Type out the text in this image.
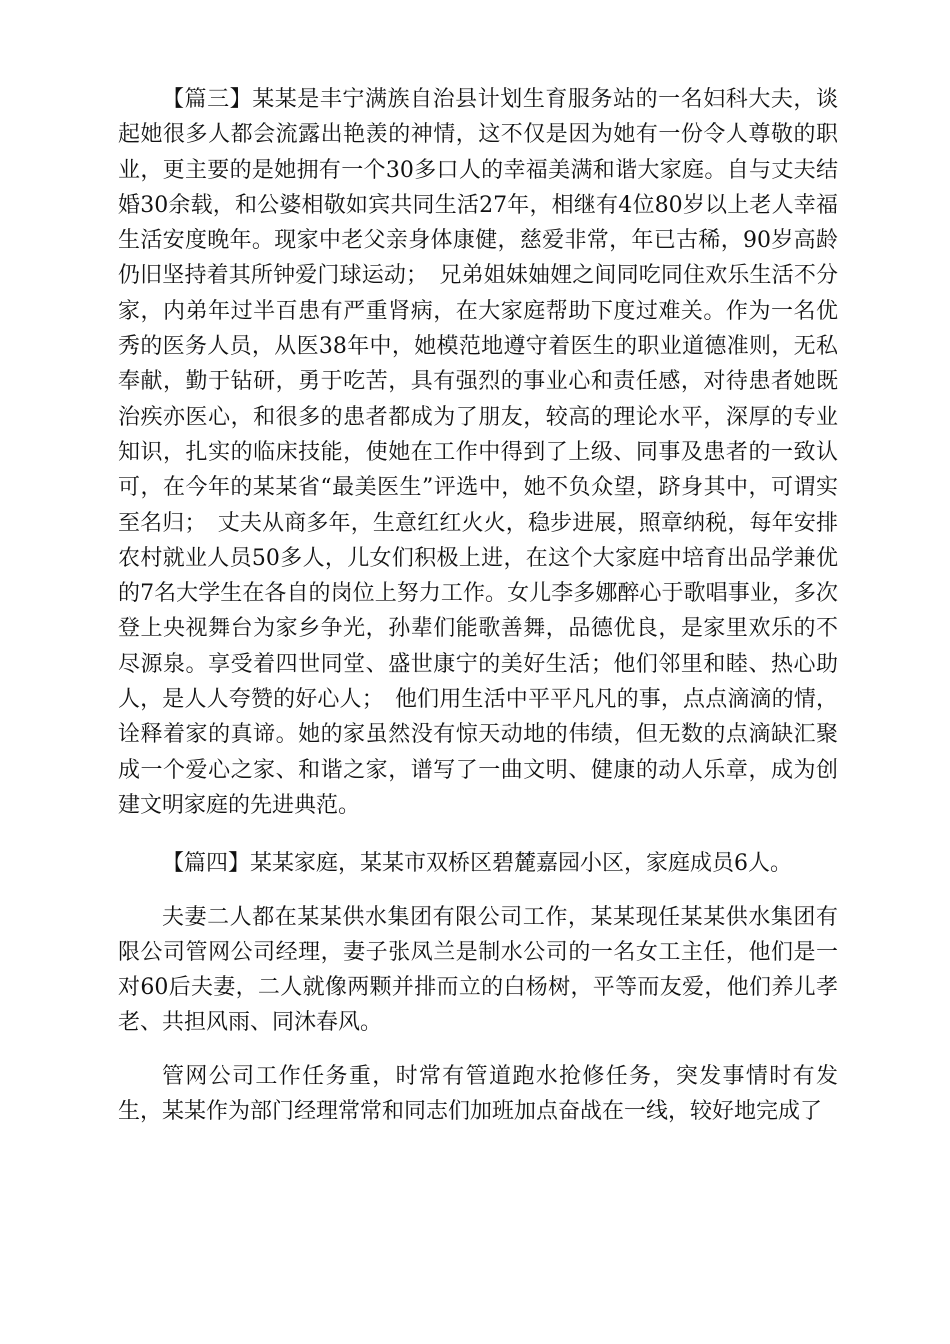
【篇三】某某是丰宁满族自治县计划生育服务站的一名妇科大夫，谈起她很多人都会流露出艳羡的神情，这不仅是因为她有一份令人尊敬的职业，更主要的是她拥有一个30多口人的幸福美满和谐大家庭。自与丈夫结婚30余载，和公婆相敬如宾共同生活27年，相继有4位80岁以上老人幸福生活安度晚年。现家中老父亲身体康健，慈爱非常，年已古稀，90岁高龄仍旧坚持着其所钟爱门球运动；　兄弟姐妹妯娌之间同吃同住欢乐生活不分家，内弟年过半百患有严重肾病，在大家庭帮助下度过难关。作为一名优秀的医务人员，从医38年中，她模范地遵守着医生的职业道德准则，无私奉献，勤于钻研，勇于吃苦，具有强烈的事业心和责任感，对待患者她既治疾亦医心，和很多的患者都成为了朋友，较高的理论水平，深厚的专业知识，扎实的临床技能，使她在工作中得到了上级、同事及患者的一致认可，在今年的某某省“最美医生”评选中，她不负众望，跻身其中，可谓实至名归；　丈夫从商多年，生意红红火火，稳步进展，照章纳税，每年安排农村就业人员50多人，儿女们积极上进，在这个大家庭中培育出品学兼优的7名大学生在各自的岗位上努力工作。女儿李多娜醉心于歌唱事业，多次登上央视舞台为家乡争光，孙辈们能歌善舞，品德优良，是家里欢乐的不尽源泉。享受着四世同堂、盛世康宁的美好生活；他们邻里和睦、热心助人，是人人夸赞的好心人；　他们用生活中平平凡凡的事，点点滴滴的情，诠释着家的真谛。她的家虽然没有惊天动地的伟绩，但无数的点滴缺汇聚成一个爱心之家、和谐之家，谱写了一曲文明、健康的动人乐章，成为创建文明家庭的先进典范。

【篇四】某某家庭，某某市双桥区碧麓嘉园小区，家庭成员6人。

夫妻二人都在某某供水集团有限公司工作，某某现任某某供水集团有限公司管网公司经理，妻子张凤兰是制水公司的一名女工主任，他们是一对60后夫妻，二人就像两颗并排而立的白杨树，平等而友爱，他们养儿孝老、共担风雨、同沐春风。

管网公司工作任务重，时常有管道跑水抢修任务，突发事情时有发生，某某作为部门经理常常和同志们加班加点奋战在一线，较好地完成了
